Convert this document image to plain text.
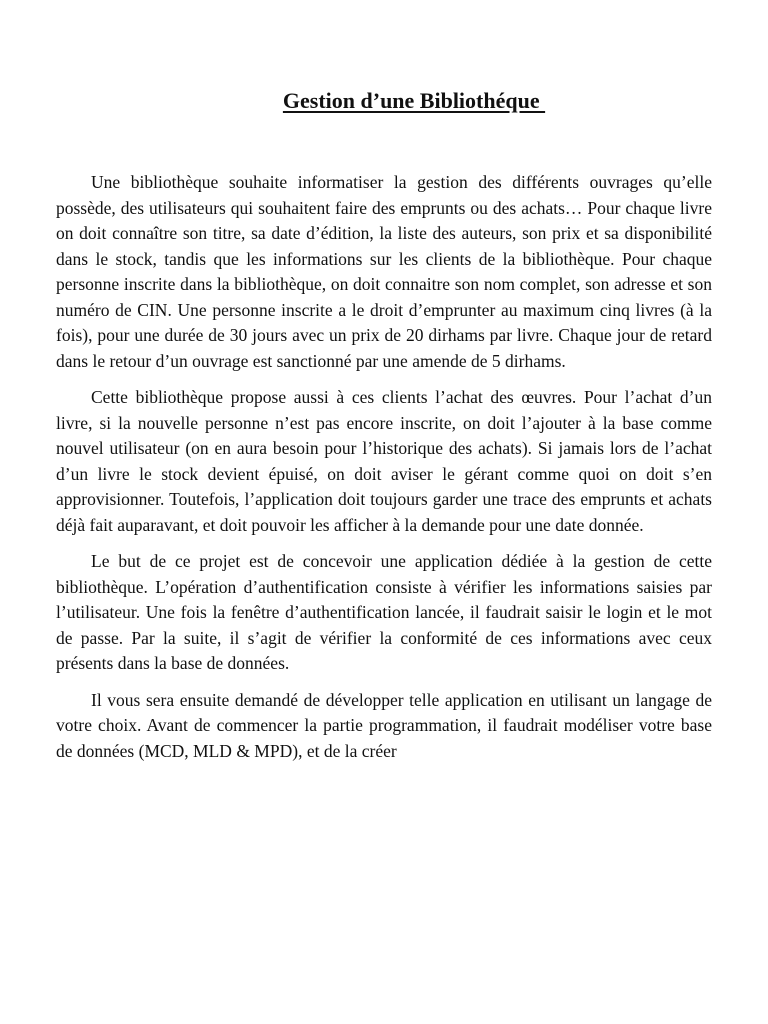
Gestion d’une Bibliothéque

Une bibliothèque souhaite informatiser la gestion des différents ouvrages qu’elle possède, des utilisateurs qui souhaitent faire des emprunts ou des achats… Pour chaque livre on doit connaître son titre, sa date d’édition, la liste des auteurs, son prix et sa disponibilité dans le stock, tandis que les informations sur les clients de la bibliothèque. Pour chaque personne inscrite dans la bibliothèque, on doit connaitre son nom complet, son adresse et son numéro de CIN. Une personne inscrite a le droit d’emprunter au maximum cinq livres (à la fois), pour une durée de 30 jours avec un prix de 20 dirhams par livre. Chaque jour de retard dans le retour d’un ouvrage est sanctionné par une amende de 5 dirhams.

Cette bibliothèque propose aussi à ces clients l’achat des œuvres. Pour l’achat d’un livre, si la nouvelle personne n’est pas encore inscrite, on doit l’ajouter à la base comme nouvel utilisateur (on en aura besoin pour l’historique des achats). Si jamais lors de l’achat d’un livre le stock devient épuisé, on doit aviser le gérant comme quoi on doit s’en approvisionner. Toutefois, l’application doit toujours garder une trace des emprunts et achats déjà fait auparavant, et doit pouvoir les afficher à la demande pour une date donnée.

Le but de ce projet est de concevoir une application dédiée à la gestion de cette bibliothèque. L’opération d’authentification consiste à vérifier les informations saisies par l’utilisateur. Une fois la fenêtre d’authentification lancée, il faudrait saisir le login et le mot de passe. Par la suite, il s’agit de vérifier la conformité de ces informations avec ceux présents dans la base de données.

Il vous sera ensuite demandé de développer telle application en utilisant un langage de votre choix. Avant de commencer la partie programmation, il faudrait modéliser votre base de données (MCD, MLD & MPD), et de la créer
